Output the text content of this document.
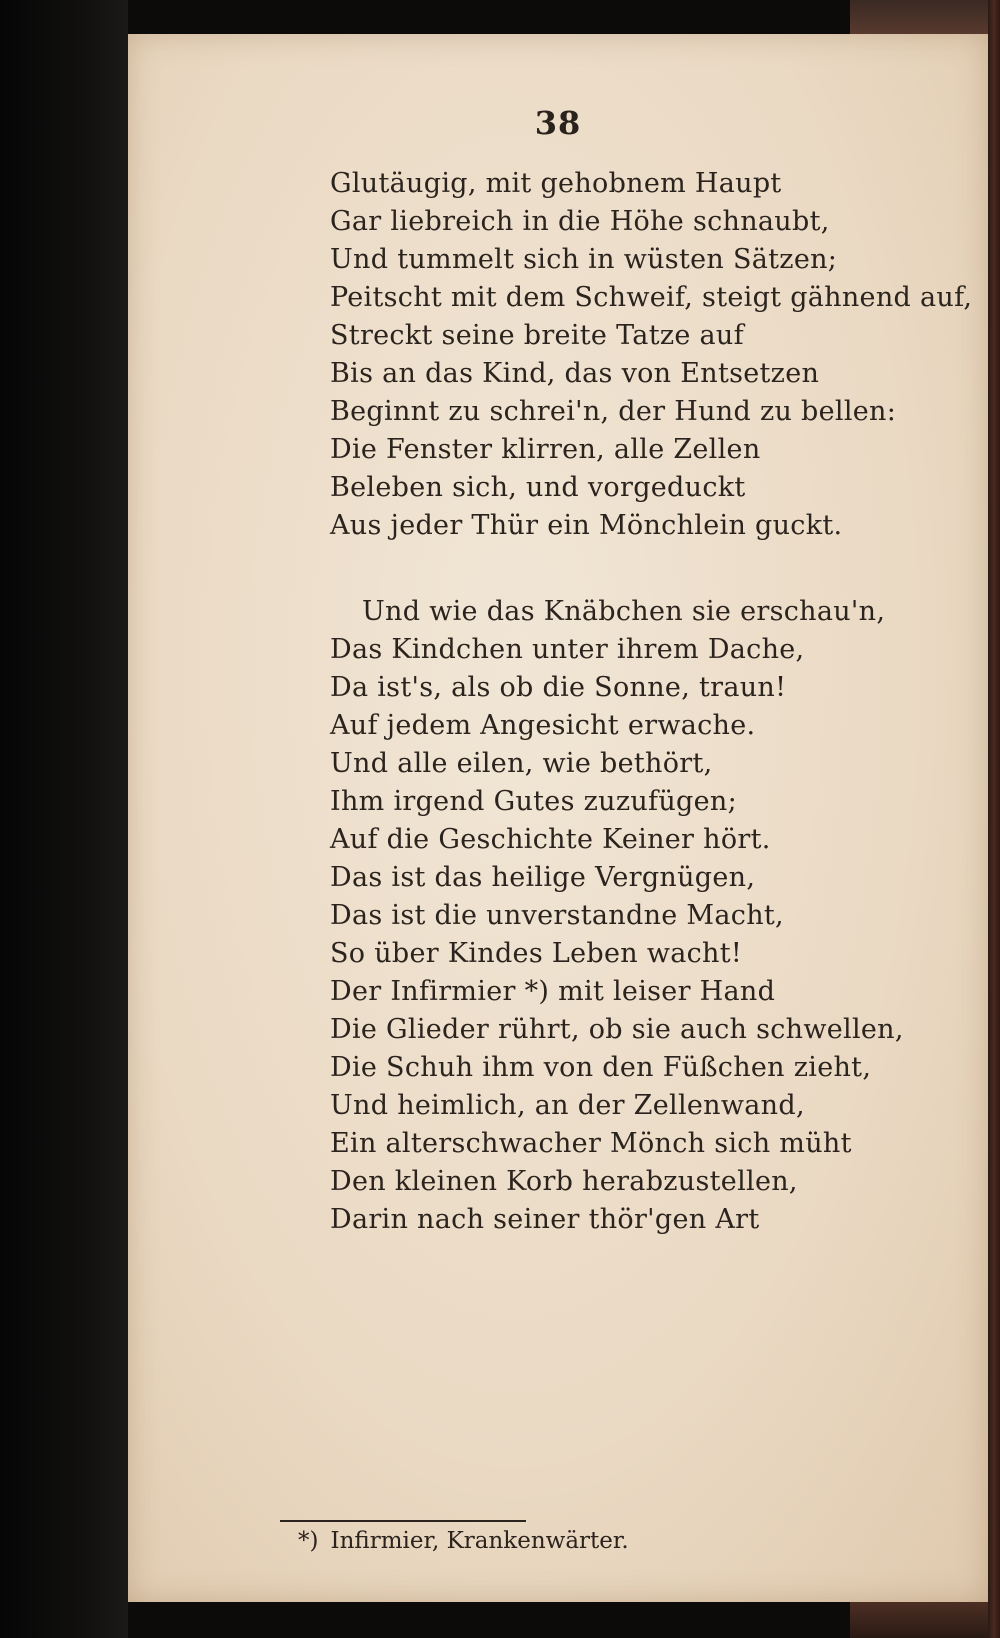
38
Glutäugig, mit gehobnem Haupt
Gar liebreich in die Höhe schnaubt,
Und tummelt sich in wüsten Sätzen;
Peitscht mit dem Schweif, steigt gähnend auf,
Streckt seine breite Tatze auf
Bis an das Kind, das von Entsetzen
Beginnt zu schrei'n, der Hund zu bellen:
Die Fenster klirren, alle Zellen
Beleben sich, und vorgeduckt
Aus jeder Thür ein Mönchlein guckt.
Und wie das Knäbchen sie erschau'n,
Das Kindchen unter ihrem Dache,
Da ist's, als ob die Sonne, traun!
Auf jedem Angesicht erwache.
Und alle eilen, wie bethört,
Ihm irgend Gutes zuzufügen;
Auf die Geschichte Keiner hört.
Das ist das heilige Vergnügen,
Das ist die unverstandne Macht,
So über Kindes Leben wacht!
Der Infirmier *) mit leiser Hand
Die Glieder rührt, ob sie auch schwellen,
Die Schuh ihm von den Füßchen zieht,
Und heimlich, an der Zellenwand,
Ein alterschwacher Mönch sich müht
Den kleinen Korb herabzustellen,
Darin nach seiner thör'gen Art
*) Infirmier, Krankenwärter.
